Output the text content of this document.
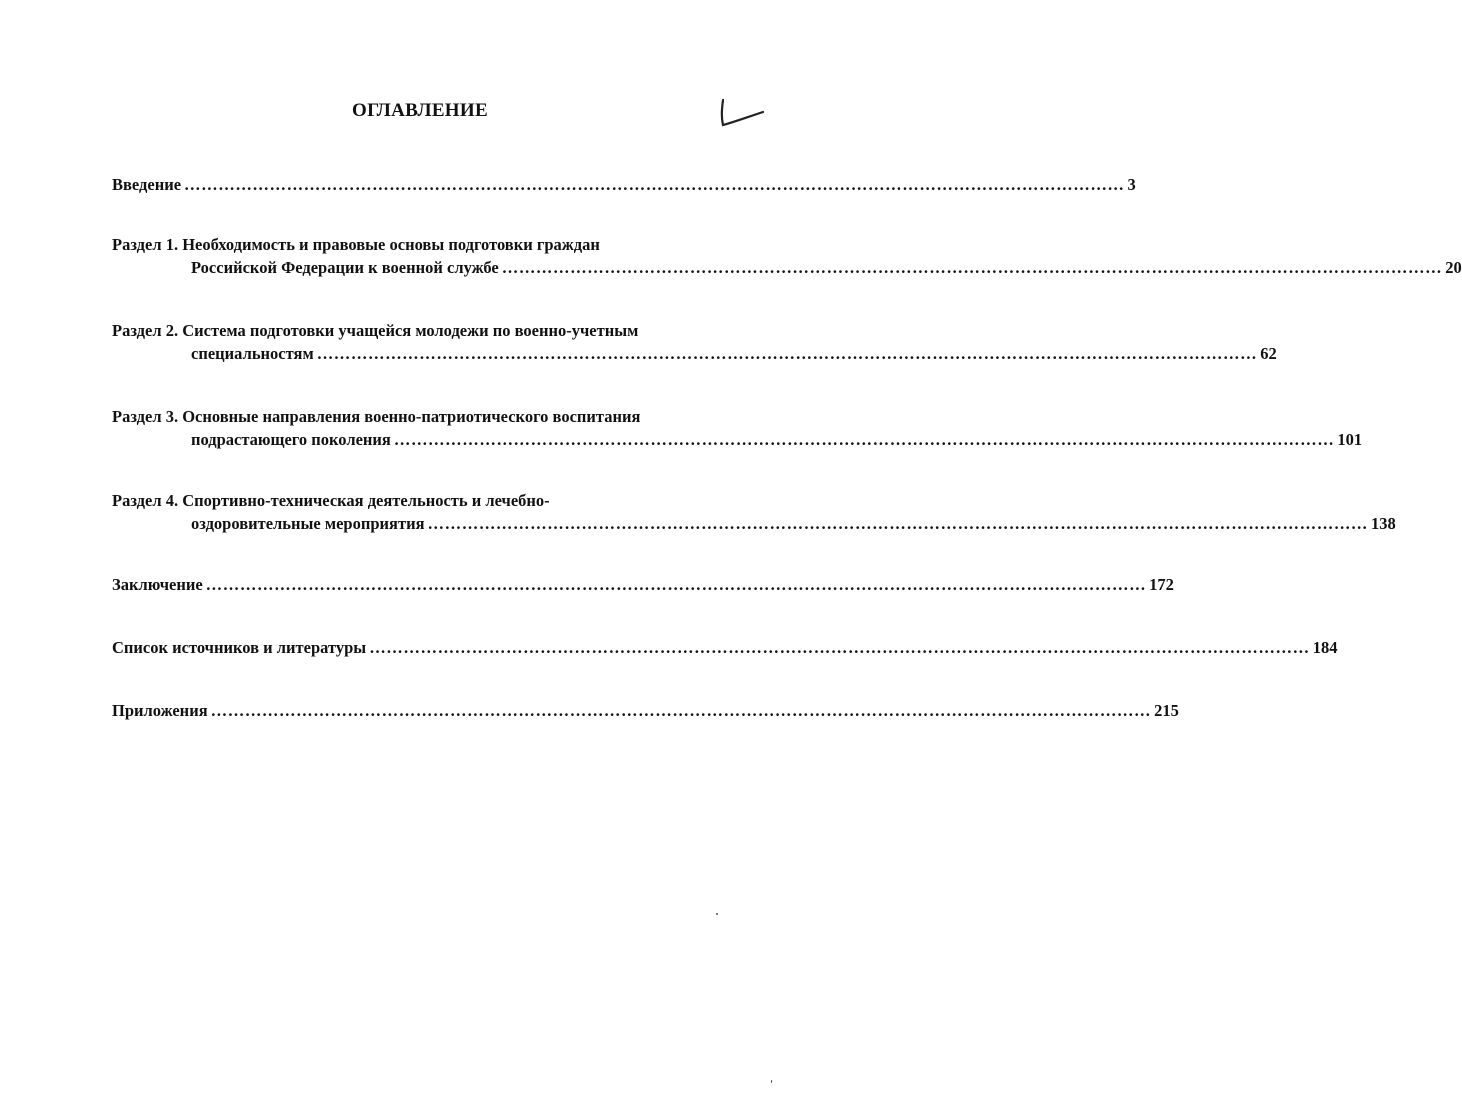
ОГЛАВЛЕНИЕ
Введение ………………………………………………………………………………………………………………………………………………… 3
Раздел 1. Необходимость и правовые основы подготовки граждан
Российской Федерации к военной службе ………………………………………………………………………………………………………………………………………………… 20
Раздел 2. Система подготовки учащейся молодежи по военно-учетным
специальностям ………………………………………………………………………………………………………………………………………………… 62
Раздел 3. Основные направления военно-патриотического воспитания
подрастающего поколения ………………………………………………………………………………………………………………………………………………… 101
Раздел 4. Спортивно-техническая деятельность и лечебно-
оздоровительные мероприятия ………………………………………………………………………………………………………………………………………………… 138
Заключение ………………………………………………………………………………………………………………………………………………… 172
Список источников и литературы ………………………………………………………………………………………………………………………………………………… 184
Приложения ………………………………………………………………………………………………………………………………………………… 215
